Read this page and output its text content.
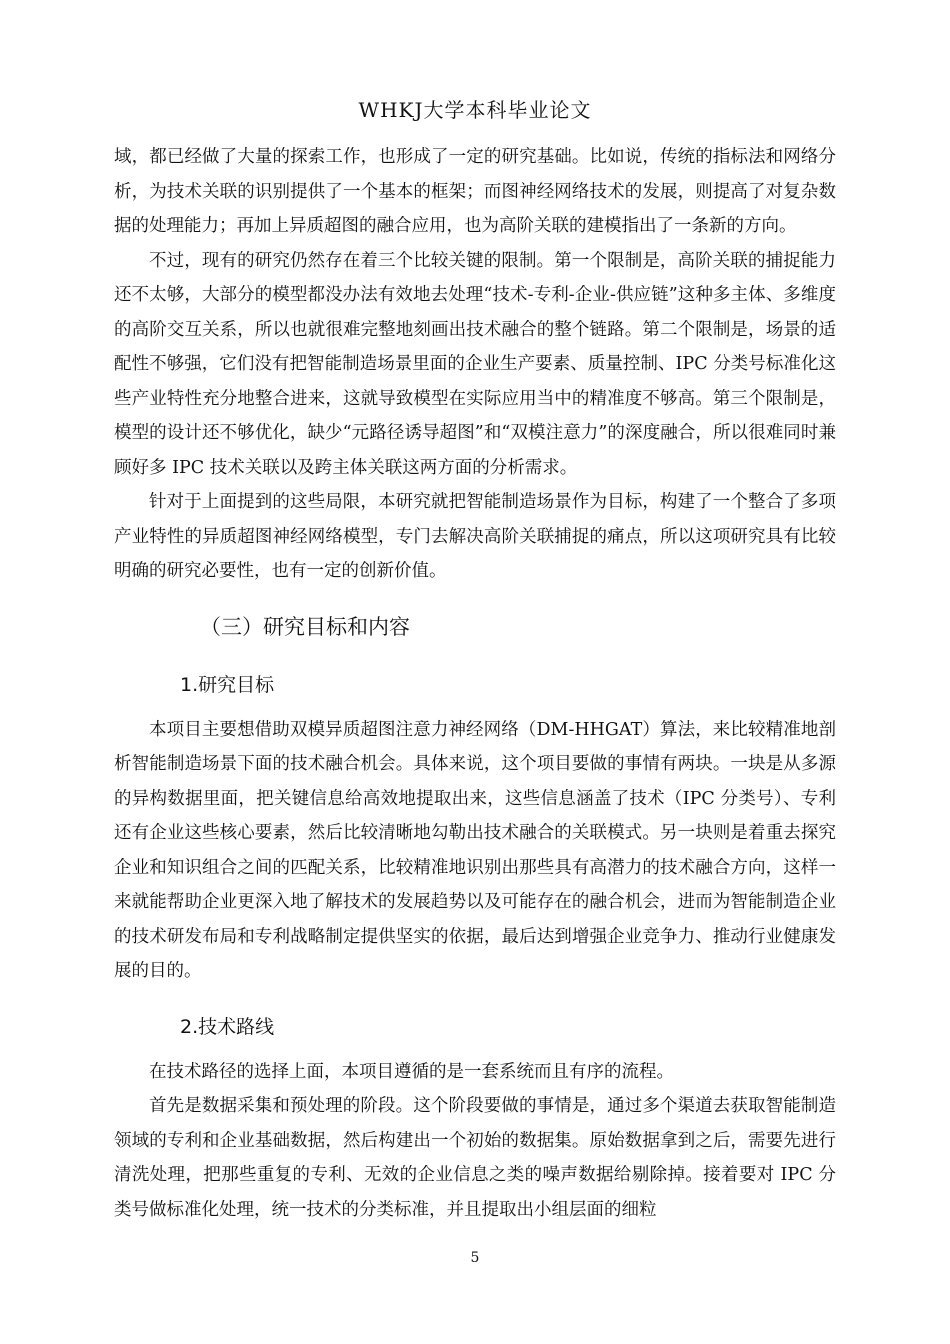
WHKJ大学本科毕业论文

域，都已经做了大量的探索工作，也形成了一定的研究基础。比如说，传统的指标法和网络分析，为技术关联的识别提供了一个基本的框架；而图神经网络技术的发展，则提高了对复杂数据的处理能力；再加上异质超图的融合应用，也为高阶关联的建模指出了一条新的方向。

不过，现有的研究仍然存在着三个比较关键的限制。第一个限制是，高阶关联的捕捉能力还不太够，大部分的模型都没办法有效地去处理“技术-专利-企业-供应链”这种多主体、多维度的高阶交互关系，所以也就很难完整地刻画出技术融合的整个链路。第二个限制是，场景的适配性不够强，它们没有把智能制造场景里面的企业生产要素、质量控制、IPC 分类号标准化这些产业特性充分地整合进来，这就导致模型在实际应用当中的精准度不够高。第三个限制是，模型的设计还不够优化，缺少“元路径诱导超图”和“双模注意力”的深度融合，所以很难同时兼顾好多 IPC 技术关联以及跨主体关联这两方面的分析需求。

针对于上面提到的这些局限，本研究就把智能制造场景作为目标，构建了一个整合了多项产业特性的异质超图神经网络模型，专门去解决高阶关联捕捉的痛点，所以这项研究具有比较明确的研究必要性，也有一定的创新价值。

（三）研究目标和内容
1.研究目标

本项目主要想借助双模异质超图注意力神经网络（DM-HHGAT）算法，来比较精准地剖析智能制造场景下面的技术融合机会。具体来说，这个项目要做的事情有两块。一块是从多源的异构数据里面，把关键信息给高效地提取出来，这些信息涵盖了技术（IPC 分类号）、专利还有企业这些核心要素，然后比较清晰地勾勒出技术融合的关联模式。另一块则是着重去探究企业和知识组合之间的匹配关系，比较精准地识别出那些具有高潜力的技术融合方向，这样一来就能帮助企业更深入地了解技术的发展趋势以及可能存在的融合机会，进而为智能制造企业的技术研发布局和专利战略制定提供坚实的依据，最后达到增强企业竞争力、推动行业健康发展的目的。

2.技术路线

在技术路径的选择上面，本项目遵循的是一套系统而且有序的流程。

首先是数据采集和预处理的阶段。这个阶段要做的事情是，通过多个渠道去获取智能制造领域的专利和企业基础数据，然后构建出一个初始的数据集。原始数据拿到之后，需要先进行清洗处理，把那些重复的专利、无效的企业信息之类的噪声数据给剔除掉。接着要对 IPC 分类号做标准化处理，统一技术的分类标准，并且提取出小组层面的细粒

5
